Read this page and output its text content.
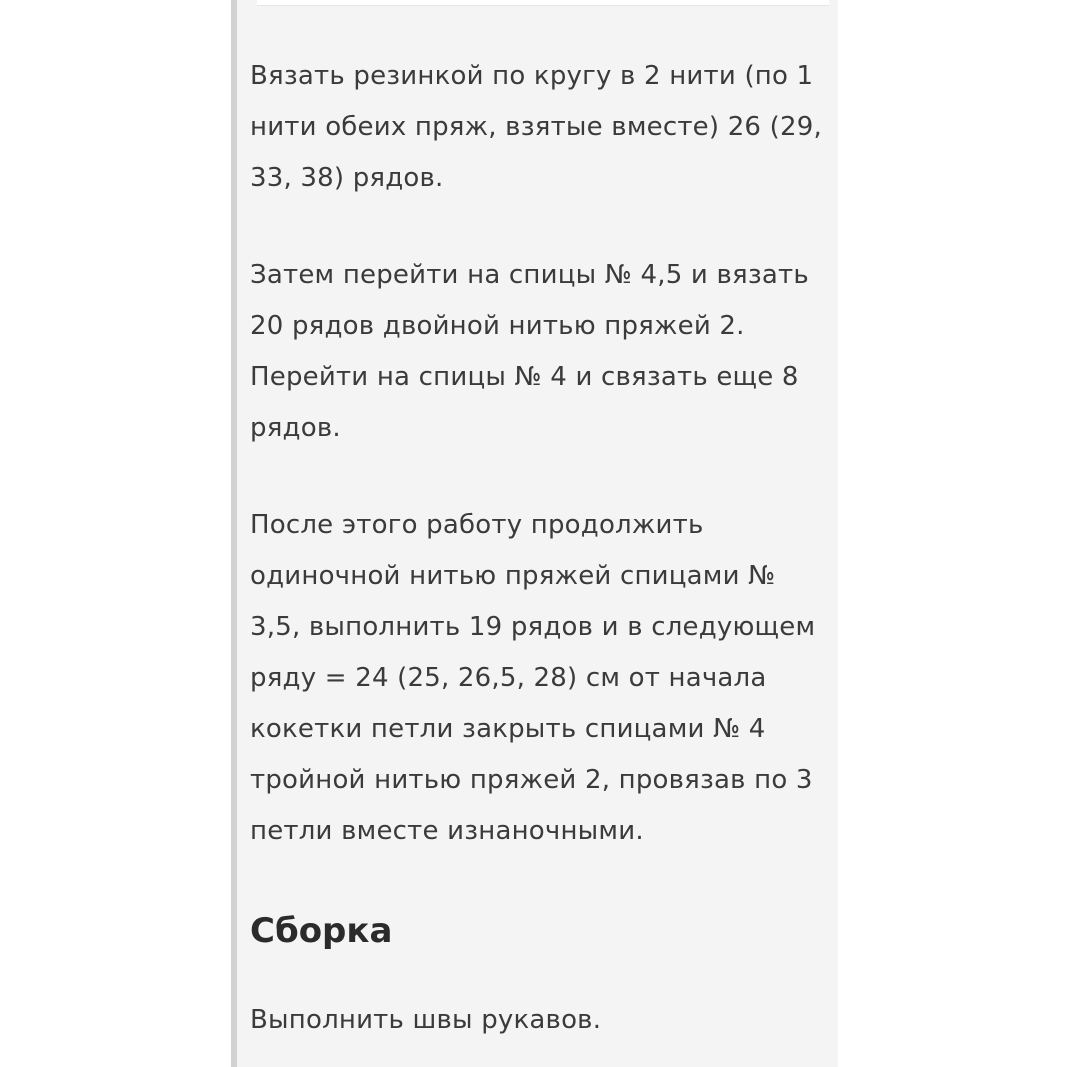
Вязать резинкой по кругу в 2 нити (по 1
нити обеих пряж, взятые вместе) 26 (29,
33, 38) рядов.

Затем перейти на спицы № 4,5 и вязать
20 рядов двойной нитью пряжей 2.
Перейти на спицы № 4 и связать еще 8
рядов.

После этого работу продолжить
одиночной нитью пряжей спицами №
3,5, выполнить 19 рядов и в следующем
ряду = 24 (25, 26,5, 28) см от начала
кокетки петли закрыть спицами № 4
тройной нитью пряжей 2, провязав по 3
петли вместе изнаночными.

Сборка

Выполнить швы рукавов.
